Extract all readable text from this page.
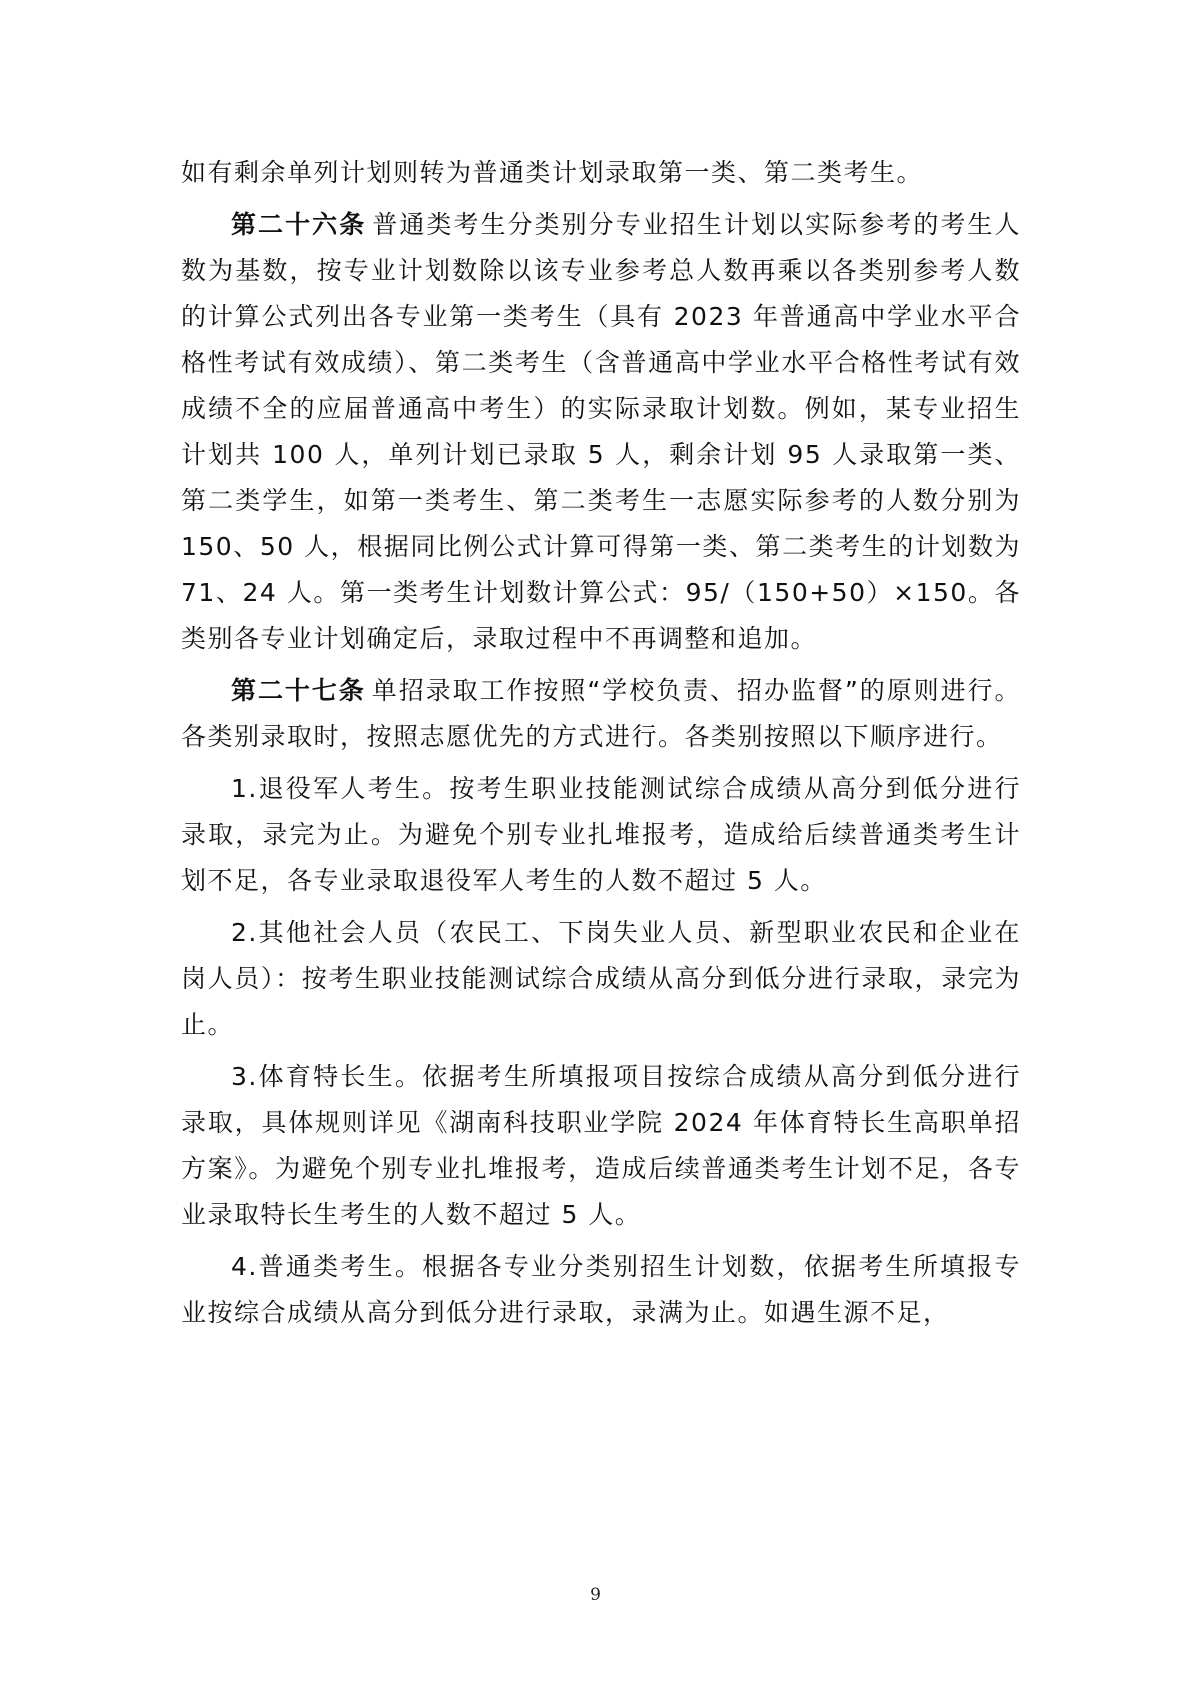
如有剩余单列计划则转为普通类计划录取第一类、第二类考生。

第二十六条 普通类考生分类别分专业招生计划以实际参考的考生人数为基数，按专业计划数除以该专业参考总人数再乘以各类别参考人数的计算公式列出各专业第一类考生（具有 2023 年普通高中学业水平合格性考试有效成绩）、第二类考生（含普通高中学业水平合格性考试有效成绩不全的应届普通高中考生）的实际录取计划数。例如，某专业招生计划共 100 人，单列计划已录取 5 人，剩余计划 95 人录取第一类、第二类学生，如第一类考生、第二类考生一志愿实际参考的人数分别为 150、50 人，根据同比例公式计算可得第一类、第二类考生的计划数为 71、24 人。第一类考生计划数计算公式：95/（150+50）×150。各类别各专业计划确定后，录取过程中不再调整和追加。

第二十七条 单招录取工作按照“学校负责、招办监督”的原则进行。各类别录取时，按照志愿优先的方式进行。各类别按照以下顺序进行。

1.退役军人考生。按考生职业技能测试综合成绩从高分到低分进行录取，录完为止。为避免个别专业扎堆报考，造成给后续普通类考生计划不足，各专业录取退役军人考生的人数不超过 5 人。

2.其他社会人员（农民工、下岗失业人员、新型职业农民和企业在岗人员）：按考生职业技能测试综合成绩从高分到低分进行录取，录完为止。

3.体育特长生。依据考生所填报项目按综合成绩从高分到低分进行录取，具体规则详见《湖南科技职业学院 2024 年体育特长生高职单招方案》。为避免个别专业扎堆报考，造成后续普通类考生计划不足，各专业录取特长生考生的人数不超过 5 人。

4.普通类考生。根据各专业分类别招生计划数，依据考生所填报专业按综合成绩从高分到低分进行录取，录满为止。如遇生源不足，

9
